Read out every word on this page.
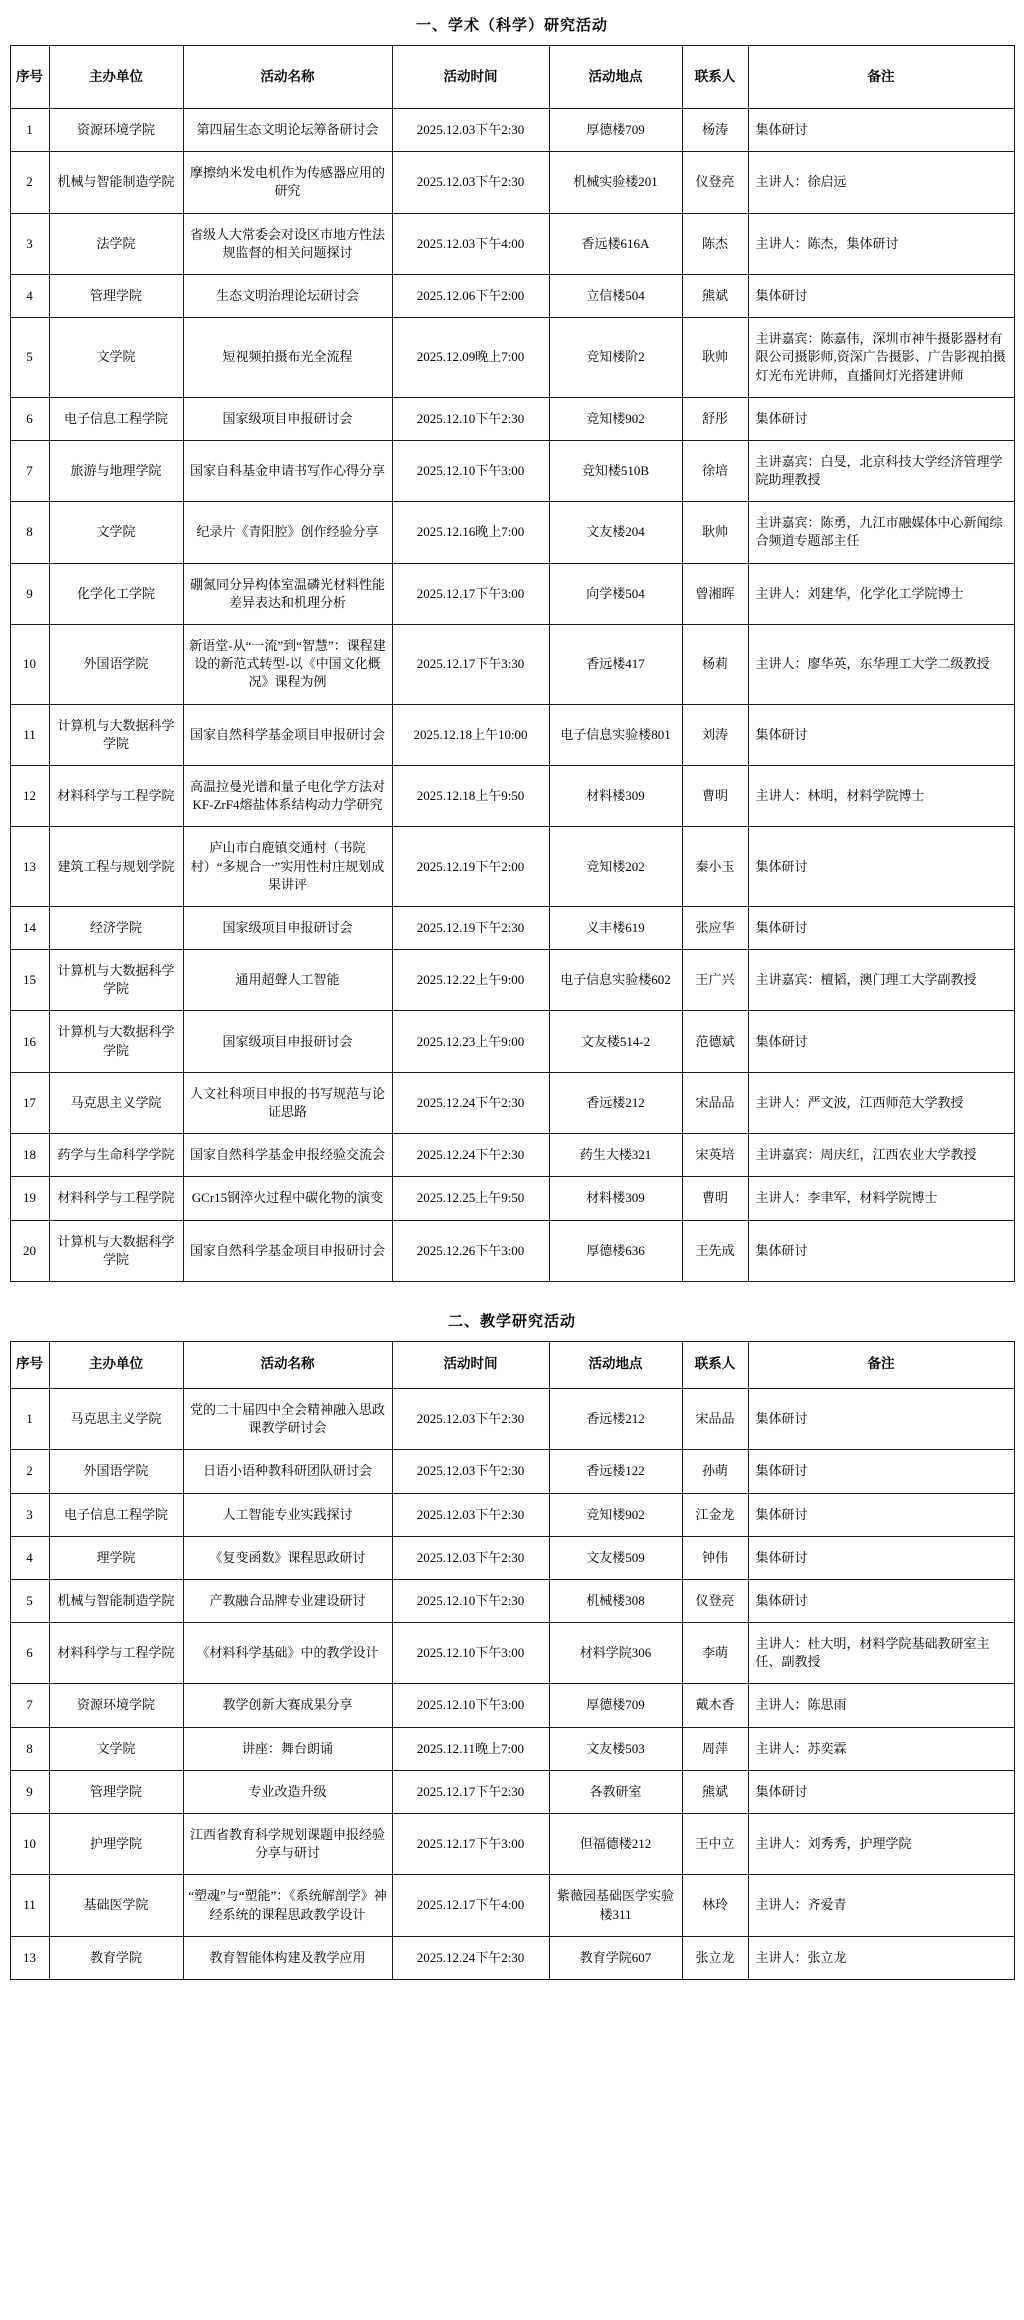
一、学术（科学）研究活动
序号	主办单位	活动名称	活动时间	活动地点	联系人	备注
1	资源环境学院	第四届生态文明论坛筹备研讨会	2025.12.03下午2:30	厚德楼709	杨涛	集体研讨
2	机械与智能制造学院	摩擦纳米发电机作为传感器应用的研究	2025.12.03下午2:30	机械实验楼201	仪登亮	主讲人：徐启远
3	法学院	省级人大常委会对设区市地方性法规监督的相关问题探讨	2025.12.03下午4:00	香远楼616A	陈杰	主讲人：陈杰，集体研讨
4	管理学院	生态文明治理论坛研讨会	2025.12.06下午2:00	立信楼504	熊斌	集体研讨
5	文学院	短视频拍摄布光全流程	2025.12.09晚上7:00	竞知楼阶2	耿帅	主讲嘉宾：陈嘉伟，深圳市神牛摄影器材有限公司摄影师,资深广告摄影、广告影视拍摄灯光布光讲师，直播间灯光搭建讲师
6	电子信息工程学院	国家级项目申报研讨会	2025.12.10下午2:30	竞知楼902	舒彤	集体研讨
7	旅游与地理学院	国家自科基金申请书写作心得分享	2025.12.10下午3:00	竞知楼510B	徐培	主讲嘉宾：白旻，北京科技大学经济管理学院助理教授
8	文学院	纪录片《青阳腔》创作经验分享	2025.12.16晚上7:00	文友楼204	耿帅	主讲嘉宾：陈勇，九江市融媒体中心新闻综合频道专题部主任
9	化学化工学院	硼氮同分异构体室温磷光材料性能差异表达和机理分析	2025.12.17下午3:00	向学楼504	曾湘晖	主讲人：刘建华，化学化工学院博士
10	外国语学院	新语堂-从“一流”到“智慧”：课程建设的新范式转型-以《中国文化概况》课程为例	2025.12.17下午3:30	香远楼417	杨莉	主讲人：廖华英，东华理工大学二级教授
11	计算机与大数据科学学院	国家自然科学基金项目申报研讨会	2025.12.18上午10:00	电子信息实验楼801	刘涛	集体研讨
12	材料科学与工程学院	高温拉曼光谱和量子电化学方法对KF-ZrF4熔盐体系结构动力学研究	2025.12.18上午9:50	材料楼309	曹明	主讲人：林明，材料学院博士
13	建筑工程与规划学院	庐山市白鹿镇交通村（书院村）“多规合一”实用性村庄规划成果讲评	2025.12.19下午2:00	竞知楼202	秦小玉	集体研讨
14	经济学院	国家级项目申报研讨会	2025.12.19下午2:30	义丰楼619	张应华	集体研讨
15	计算机与大数据科学学院	通用超聲人工智能	2025.12.22上午9:00	电子信息实验楼602	王广兴	主讲嘉宾：檀韬，澳门理工大学副教授
16	计算机与大数据科学学院	国家级项目申报研讨会	2025.12.23上午9:00	文友楼514-2	范德斌	集体研讨
17	马克思主义学院	人文社科项目申报的书写规范与论证思路	2025.12.24下午2:30	香远楼212	宋品品	主讲人：严文波，江西师范大学教授
18	药学与生命科学学院	国家自然科学基金申报经验交流会	2025.12.24下午2:30	药生大楼321	宋英培	主讲嘉宾：周庆红，江西农业大学教授
19	材料科学与工程学院	GCr15钢淬火过程中碳化物的演变	2025.12.25上午9:50	材料楼309	曹明	主讲人：李聿军，材料学院博士
20	计算机与大数据科学学院	国家自然科学基金项目申报研讨会	2025.12.26下午3:00	厚德楼636	王先成	集体研讨
二、教学研究活动
序号	主办单位	活动名称	活动时间	活动地点	联系人	备注
1	马克思主义学院	党的二十届四中全会精神融入思政课教学研讨会	2025.12.03下午2:30	香远楼212	宋品品	集体研讨
2	外国语学院	日语小语种教科研团队研讨会	2025.12.03下午2:30	香远楼122	孙萌	集体研讨
3	电子信息工程学院	人工智能专业实践探讨	2025.12.03下午2:30	竞知楼902	江金龙	集体研讨
4	理学院	《复变函数》课程思政研讨	2025.12.03下午2:30	文友楼509	钟伟	集体研讨
5	机械与智能制造学院	产教融合品牌专业建设研讨	2025.12.10下午2:30	机械楼308	仪登亮	集体研讨
6	材料科学与工程学院	《材料科学基础》中的教学设计	2025.12.10下午3:00	材料学院306	李萌	主讲人：杜大明，材料学院基础教研室主任、副教授
7	资源环境学院	教学创新大赛成果分享	2025.12.10下午3:00	厚德楼709	戴木香	主讲人：陈思雨
8	文学院	讲座：舞台朗诵	2025.12.11晚上7:00	文友楼503	周萍	主讲人：苏奕霖
9	管理学院	专业改造升级	2025.12.17下午2:30	各教研室	熊斌	集体研讨
10	护理学院	江西省教育科学规划课题申报经验分享与研讨	2025.12.17下午3:00	但福德楼212	王中立	主讲人：刘秀秀，护理学院
11	基础医学院	“塑魂”与“塑能”：《系统解剖学》神经系统的课程思政教学设计	2025.12.17下午4:00	紫薇园基础医学实验楼311	林玲	主讲人：齐爱青
13	教育学院	教育智能体构建及教学应用	2025.12.24下午2:30	教育学院607	张立龙	主讲人：张立龙
